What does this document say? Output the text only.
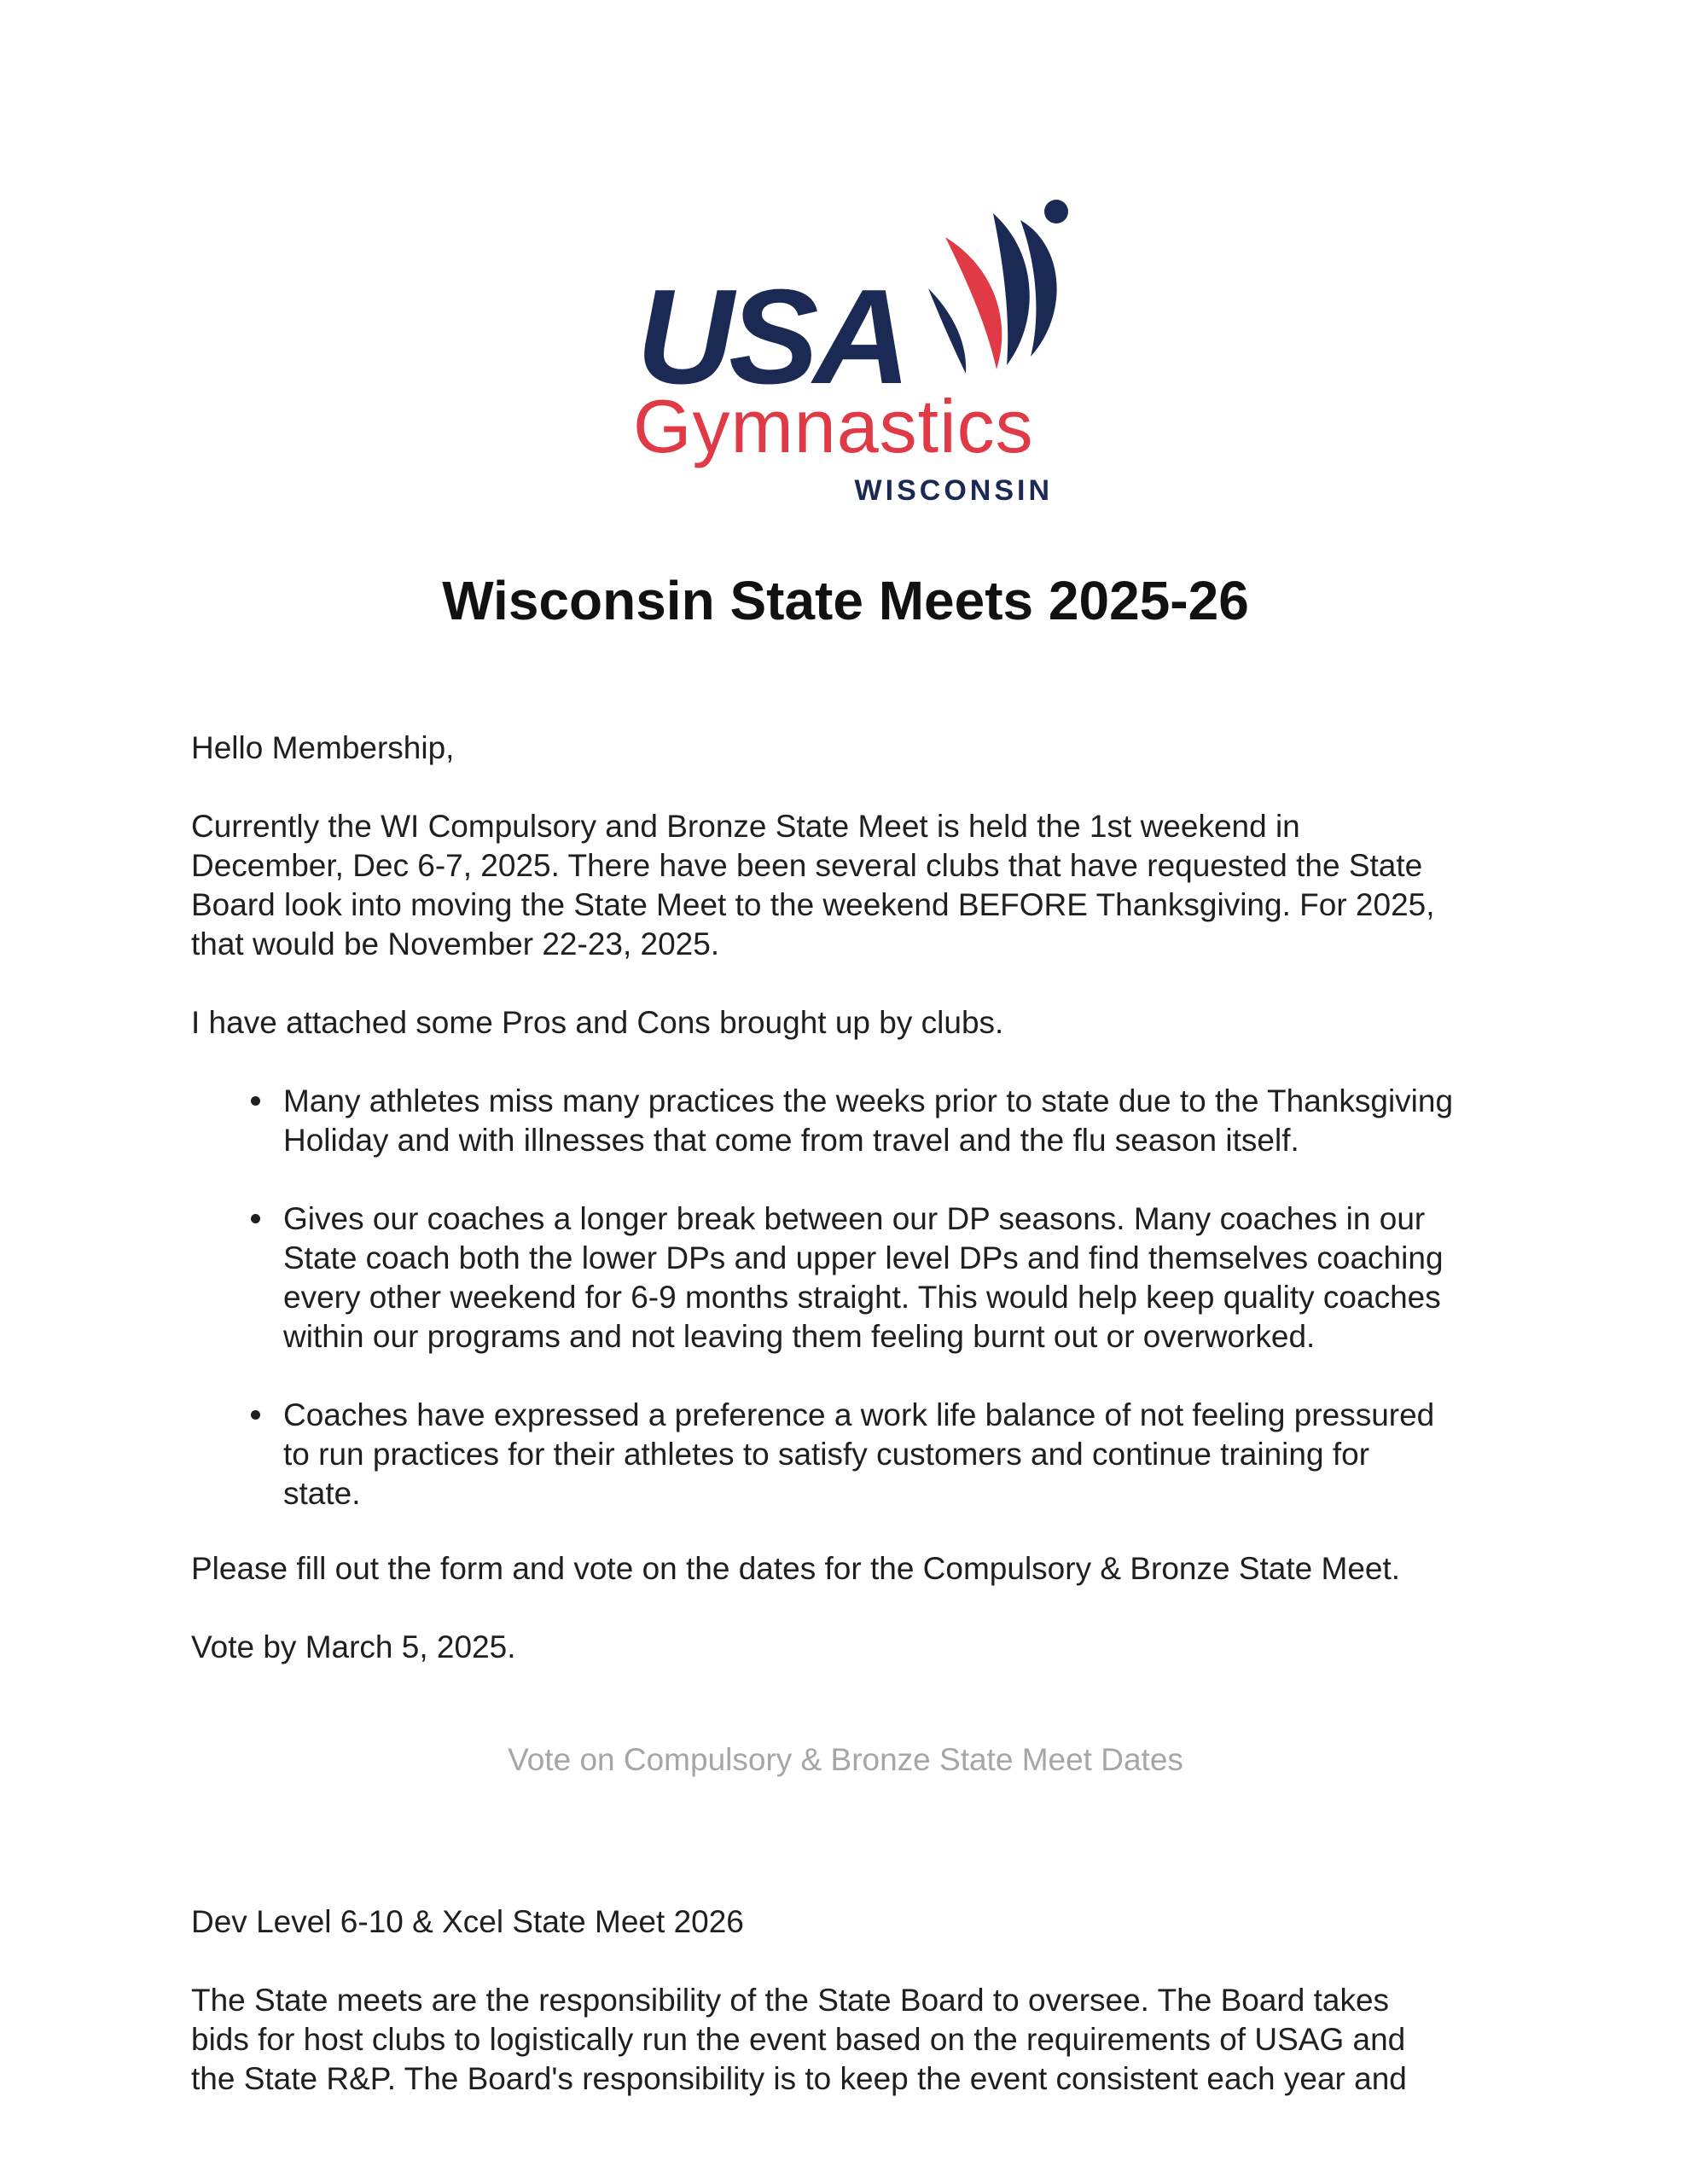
USA
Gymnastics
WISCONSIN
Wisconsin State Meets 2025-26

Hello Membership,

Currently the WI Compulsory and Bronze State Meet is held the 1st weekend in
December, Dec 6-7, 2025. There have been several clubs that have requested the State
Board look into moving the State Meet to the weekend BEFORE Thanksgiving. For 2025,
that would be November 22-23, 2025.

I have attached some Pros and Cons brought up by clubs.

Many athletes miss many practices the weeks prior to state due to the Thanksgiving
Holiday and with illnesses that come from travel and the flu season itself.
Gives our coaches a longer break between our DP seasons. Many coaches in our
State coach both the lower DPs and upper level DPs and find themselves coaching
every other weekend for 6-9 months straight. This would help keep quality coaches
within our programs and not leaving them feeling burnt out or overworked.
Coaches have expressed a preference a work life balance of not feeling pressured
to run practices for their athletes to satisfy customers and continue training for
state.

Please fill out the form and vote on the dates for the Compulsory & Bronze State Meet.

Vote by March 5, 2025.

Vote on Compulsory & Bronze State Meet Dates

Dev Level 6-10 & Xcel State Meet 2026

The State meets are the responsibility of the State Board to oversee. The Board takes
bids for host clubs to logistically run the event based on the requirements of USAG and
the State R&P. The Board's responsibility is to keep the event consistent each year and
